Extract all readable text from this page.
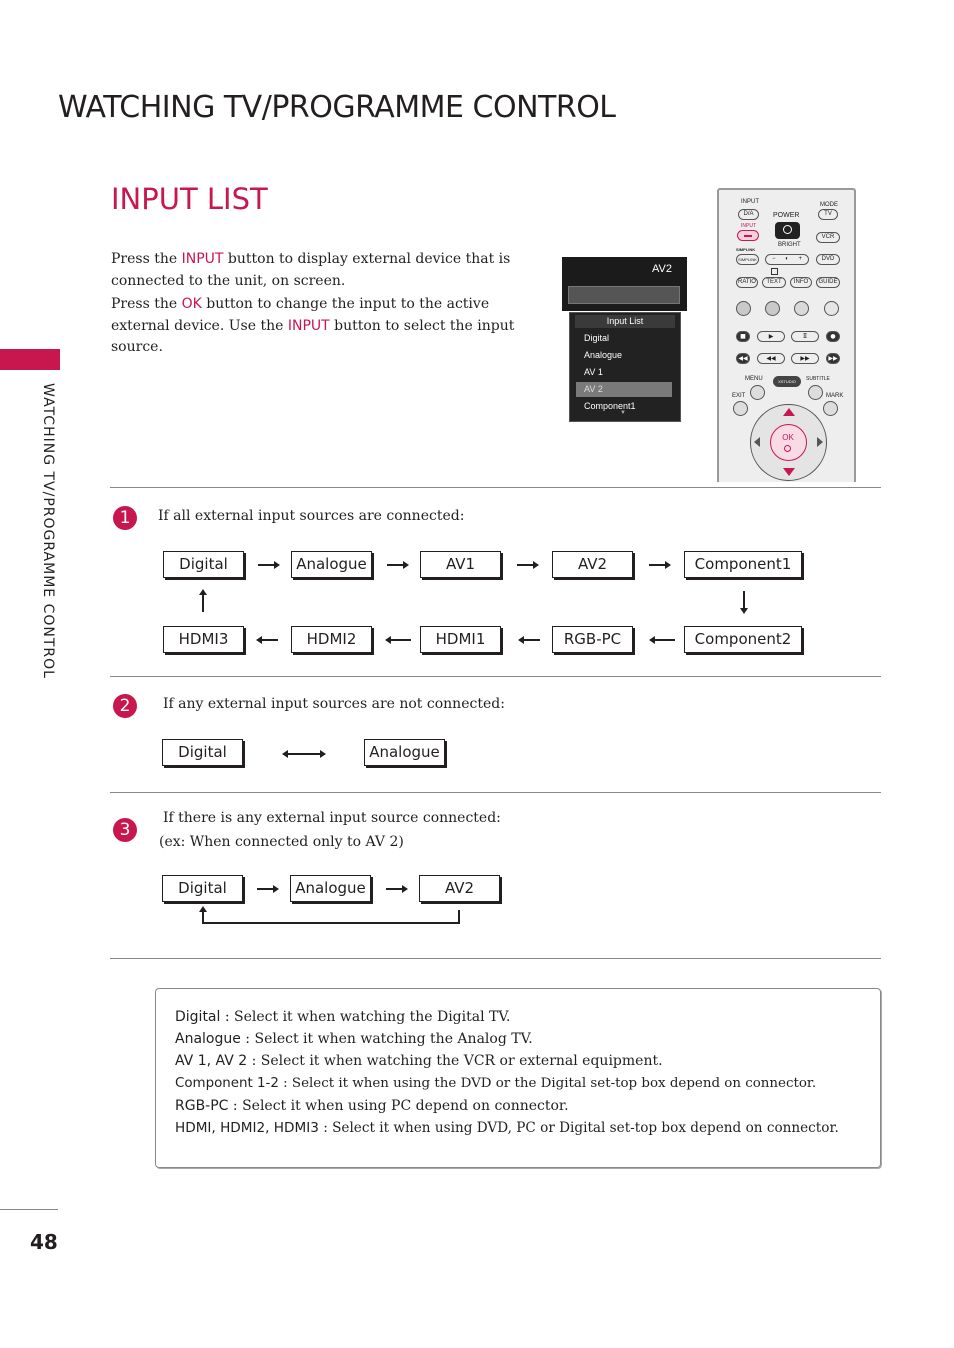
WATCHING TV/PROGRAMME CONTROL
INPUT LIST
WATCHING TV/PROGRAMME CONTROL
Press the INPUT button to display external device that is connected to the unit, on screen.
Press the OK button to change the input to the active external device. Use the INPUT button to select the input source.
AV2
Input List
Digital
Analogue
AV 1
AV 2
Component1
▼
INPUT	MODE
D/A	POWER	TV
INPUT
VCR
BRIGHT
SIMPLINK
SIMPLINK	− ◐ +	DVD
RATIO	TEXT	INFO	GUIDE
■	▶	Ⅱ	●
◀◀	◀◀	▶▶	▶▶
MENU	XSTUDIO	SUBTITLE
EXIT	MARK
OK
1	If all external input sources are connected:
Digital	Analogue	AV1	AV2	Component1
HDMI3	HDMI2	HDMI1	RGB-PC	Component2
2	If any external input sources are not connected:
Digital	Analogue
3
If there is any external input source connected:
(ex: When connected only to AV 2)
Digital	Analogue	AV2
Digital : Select it when watching the Digital TV.
Analogue : Select it when watching the Analog TV.
AV 1, AV 2 : Select it when watching the VCR or external equipment.
Component 1-2 : Select it when using the DVD or the Digital set-top box depend on connector.
RGB-PC : Select it when using PC depend on connector.
HDMI, HDMI2, HDMI3 : Select it when using DVD, PC or Digital set-top box depend on connector.
48
